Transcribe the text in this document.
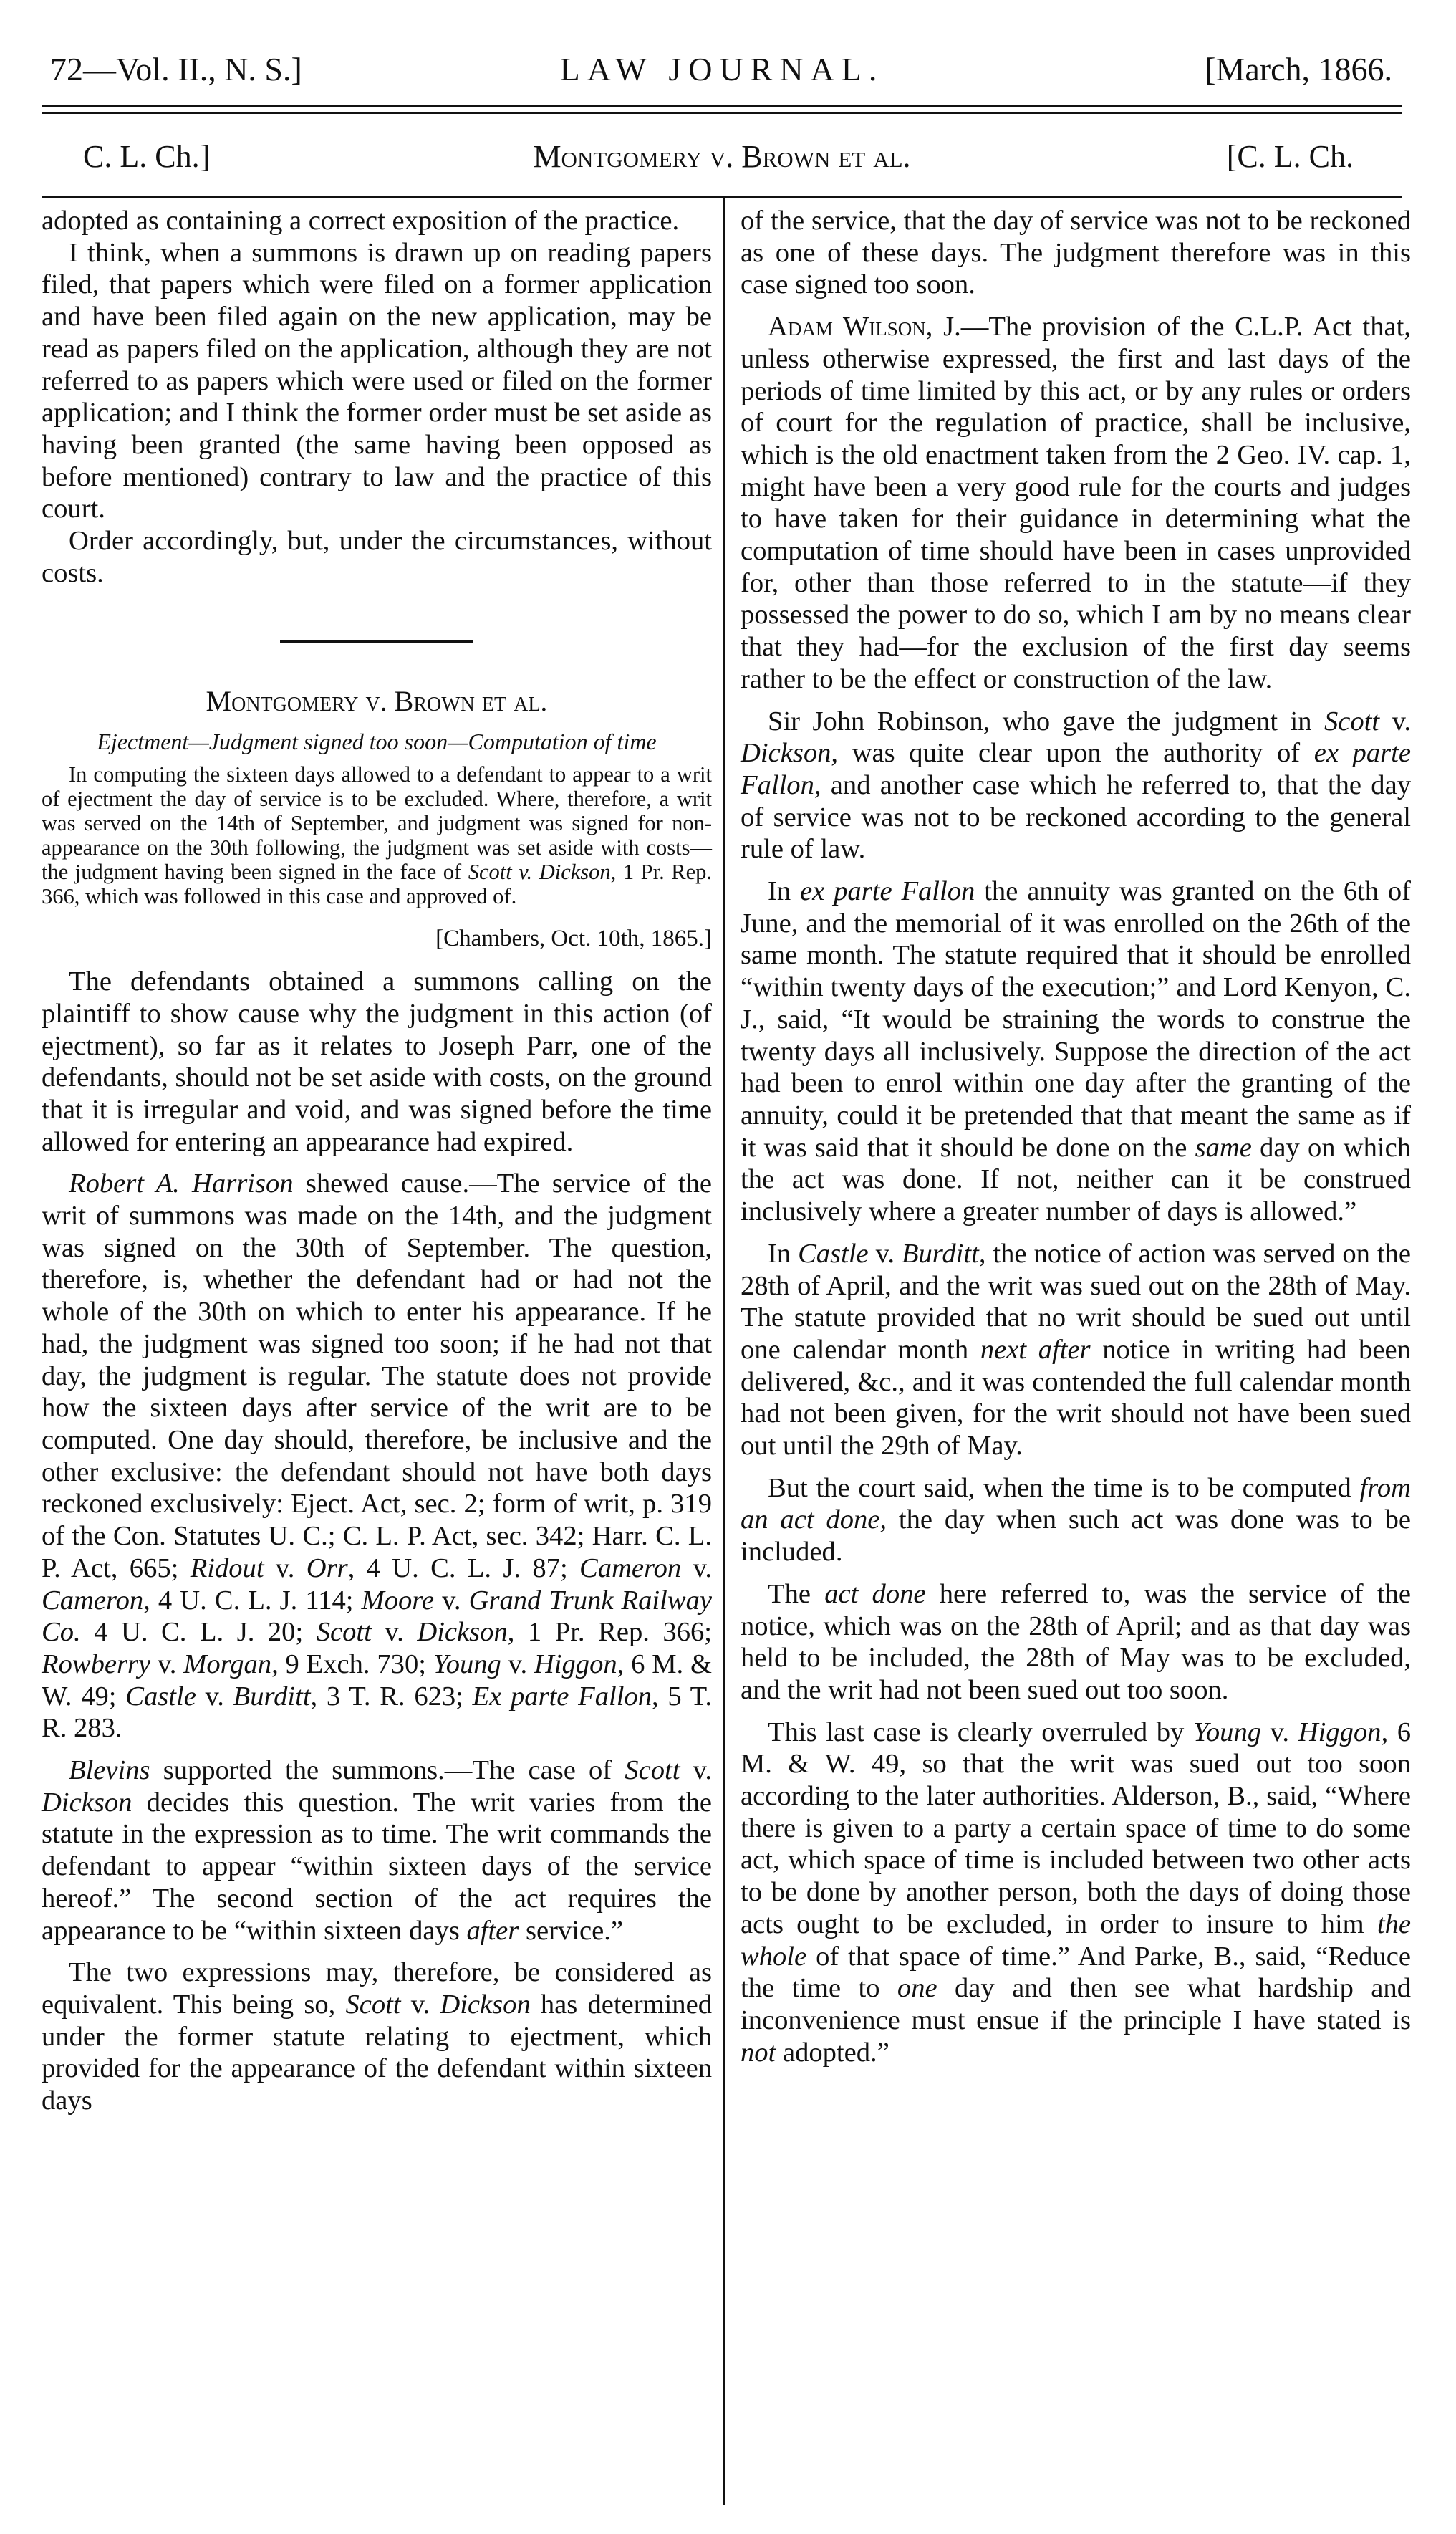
LAW JOURNAL.
72—Vol. II., N. S.]	[March, 1866.
Montgomery v. Brown et al.
C. L. Ch.]	[C. L. Ch.

adopted as containing a correct exposition of the practice.

I think, when a summons is drawn up on reading papers filed, that papers which were filed on a former application and have been filed again on the new application, may be read as papers filed on the application, although they are not referred to as papers which were used or filed on the former application; and I think the former order must be set aside as having been granted (the same having been opposed as before mentioned) contrary to law and the practice of this court.

Order accordingly, but, under the circumstances, without costs.

Montgomery v. Brown et al.
Ejectment—Judgment signed too soon—Computation of time

In computing the sixteen days allowed to a defendant to appear to a writ of ejectment the day of service is to be excluded. Where, therefore, a writ was served on the 14th of September, and judgment was signed for non-appearance on the 30th following, the judgment was set aside with costs—the judgment having been signed in the face of Scott v. Dickson, 1 Pr. Rep. 366, which was followed in this case and approved of.

[Chambers, Oct. 10th, 1865.]

The defendants obtained a summons calling on the plaintiff to show cause why the judgment in this action (of ejectment), so far as it relates to Joseph Parr, one of the defendants, should not be set aside with costs, on the ground that it is irregular and void, and was signed before the time allowed for entering an appearance had expired.

Robert A. Harrison shewed cause.—The service of the writ of summons was made on the 14th, and the judgment was signed on the 30th of September. The question, therefore, is, whether the defendant had or had not the whole of the 30th on which to enter his appearance. If he had, the judgment was signed too soon; if he had not that day, the judgment is regular. The statute does not provide how the sixteen days after service of the writ are to be computed. One day should, therefore, be inclusive and the other exclusive: the defendant should not have both days reckoned exclusively: Eject. Act, sec. 2; form of writ, p. 319 of the Con. Statutes U. C.; C. L. P. Act, sec. 342; Harr. C. L. P. Act, 665; Ridout v. Orr, 4 U. C. L. J. 87; Cameron v. Cameron, 4 U. C. L. J. 114; Moore v. Grand Trunk Railway Co. 4 U. C. L. J. 20; Scott v. Dickson, 1 Pr. Rep. 366; Rowberry v. Morgan, 9 Exch. 730; Young v. Higgon, 6 M. & W. 49; Castle v. Burditt, 3 T. R. 623; Ex parte Fallon, 5 T. R. 283.

Blevins supported the summons.—The case of Scott v. Dickson decides this question. The writ varies from the statute in the expression as to time. The writ commands the defendant to appear “within sixteen days of the service hereof.” The second section of the act requires the appearance to be “within sixteen days after service.”

The two expressions may, therefore, be considered as equivalent. This being so, Scott v. Dickson has determined under the former statute relating to ejectment, which provided for the appearance of the defendant within sixteen days

of the service, that the day of service was not to be reckoned as one of these days. The judgment therefore was in this case signed too soon.

Adam Wilson, J.—The provision of the C.L.P. Act that, unless otherwise expressed, the first and last days of the periods of time limited by this act, or by any rules or orders of court for the regulation of practice, shall be inclusive, which is the old enactment taken from the 2 Geo. IV. cap. 1, might have been a very good rule for the courts and judges to have taken for their guidance in determining what the computation of time should have been in cases unprovided for, other than those referred to in the statute—if they possessed the power to do so, which I am by no means clear that they had—for the exclusion of the first day seems rather to be the effect or construction of the law.

Sir John Robinson, who gave the judgment in Scott v. Dickson, was quite clear upon the authority of ex parte Fallon, and another case which he referred to, that the day of service was not to be reckoned according to the general rule of law.

In ex parte Fallon the annuity was granted on the 6th of June, and the memorial of it was enrolled on the 26th of the same month. The statute required that it should be enrolled “within twenty days of the execution;” and Lord Kenyon, C. J., said, “It would be straining the words to construe the twenty days all inclusively. Suppose the direction of the act had been to enrol within one day after the granting of the annuity, could it be pretended that that meant the same as if it was said that it should be done on the same day on which the act was done. If not, neither can it be construed inclusively where a greater number of days is allowed.”

In Castle v. Burditt, the notice of action was served on the 28th of April, and the writ was sued out on the 28th of May. The statute provided that no writ should be sued out until one calendar month next after notice in writing had been delivered, &c., and it was contended the full calendar month had not been given, for the writ should not have been sued out until the 29th of May.

But the court said, when the time is to be computed from an act done, the day when such act was done was to be included.

The act done here referred to, was the service of the notice, which was on the 28th of April; and as that day was held to be included, the 28th of May was to be excluded, and the writ had not been sued out too soon.

This last case is clearly overruled by Young v. Higgon, 6 M. & W. 49, so that the writ was sued out too soon according to the later authorities. Alderson, B., said, “Where there is given to a party a certain space of time to do some act, which space of time is included between two other acts to be done by another person, both the days of doing those acts ought to be excluded, in order to insure to him the whole of that space of time.” And Parke, B., said, “Reduce the time to one day and then see what hardship and inconvenience must ensue if the principle I have stated is not adopted.”
